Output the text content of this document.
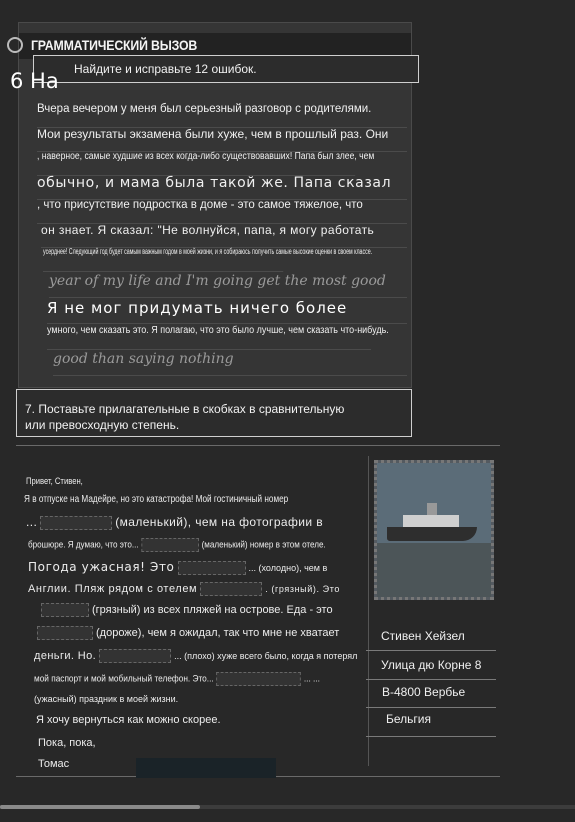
ГРАММАТИЧЕСКИЙ ВЫЗОВ
Найдите и исправьте 12 ошибок.
Вчера вечером у меня был серьезный разговор с родителями.
Мои результаты экзамена были хуже, чем в прошлый раз. Они
, наверное, самые худшие из всех когда-либо существовавших! Папа был злее, чем
обычно, и мама была такой же. Папа сказал
, что присутствие подростка в доме - это самое тяжелое, что
он знает. Я сказал: "Не волнуйся, папа, я могу работать
усерднее! Следующий год будет самым важным годом в моей жизни, и я собираюсь получить самые высокие оценки в своем классе.
year of my life and I'm going get the most good
Я не мог придумать ничего более
умного, чем сказать это. Я полагаю, что это было лучше, чем сказать что-нибудь.
good than saying nothing
6 На
7. Поставьте прилагательные в скобках в сравнительную
или превосходную степень.
Привет, Стивен,
Я в отпуске на Мадейре, но это катастрофа! Мой гостиничный номер
...	(маленький), чем на фотографии в
брошюре. Я думаю, что это...	(маленький) номер в этом отеле.
Погода ужасная! Это	... (холодно), чем в
Англии. Пляж рядом с отелем	. (грязный). Это
(грязный) из всех пляжей на острове. Еда - это
(дороже), чем я ожидал, так что мне не хватает
деньги. Но.	... (плохо) хуже всего было, когда я потерял
мой паспорт и мой мобильный телефон. Это...	... ...
(ужасный) праздник в моей жизни.
Я хочу вернуться как можно скорее.
Пока, пока,
Томас
Стивен Хейзел
Улица дю Корне 8
B-4800 Вербье
Бельгия
